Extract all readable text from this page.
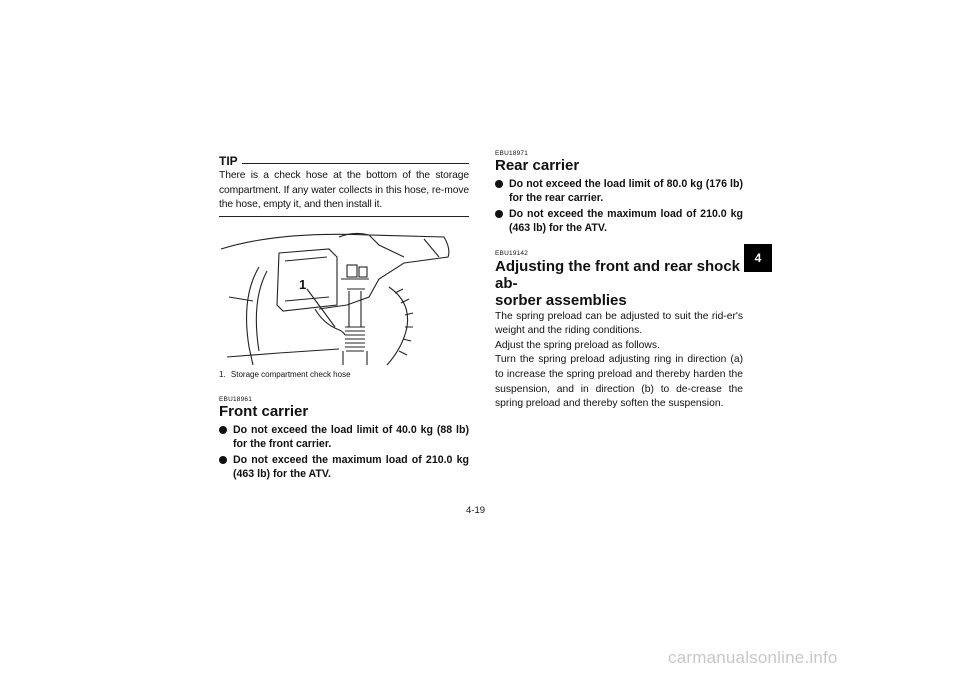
TIP
There is a check hose at the bottom of the storage compartment. If any water collects in this hose, re-move the hose, empty it, and then install it.
1
1. Storage compartment check hose
EBU18961
Front carrier
Do not exceed the load limit of 40.0 kg (88 lb) for the front carrier.
Do not exceed the maximum load of 210.0 kg (463 lb) for the ATV.
EBU18971
Rear carrier
Do not exceed the load limit of 80.0 kg (176 lb) for the rear carrier.
Do not exceed the maximum load of 210.0 kg (463 lb) for the ATV.
EBU19142
Adjusting the front and rear shock ab-
sorber assemblies

The spring preload can be adjusted to suit the rid-er's weight and the riding conditions.

Adjust the spring preload as follows.

Turn the spring preload adjusting ring in direction (a) to increase the spring preload and thereby harden the suspension, and in direction (b) to de-crease the spring preload and thereby soften the suspension.

4-19
4
carmanualsonline.info
